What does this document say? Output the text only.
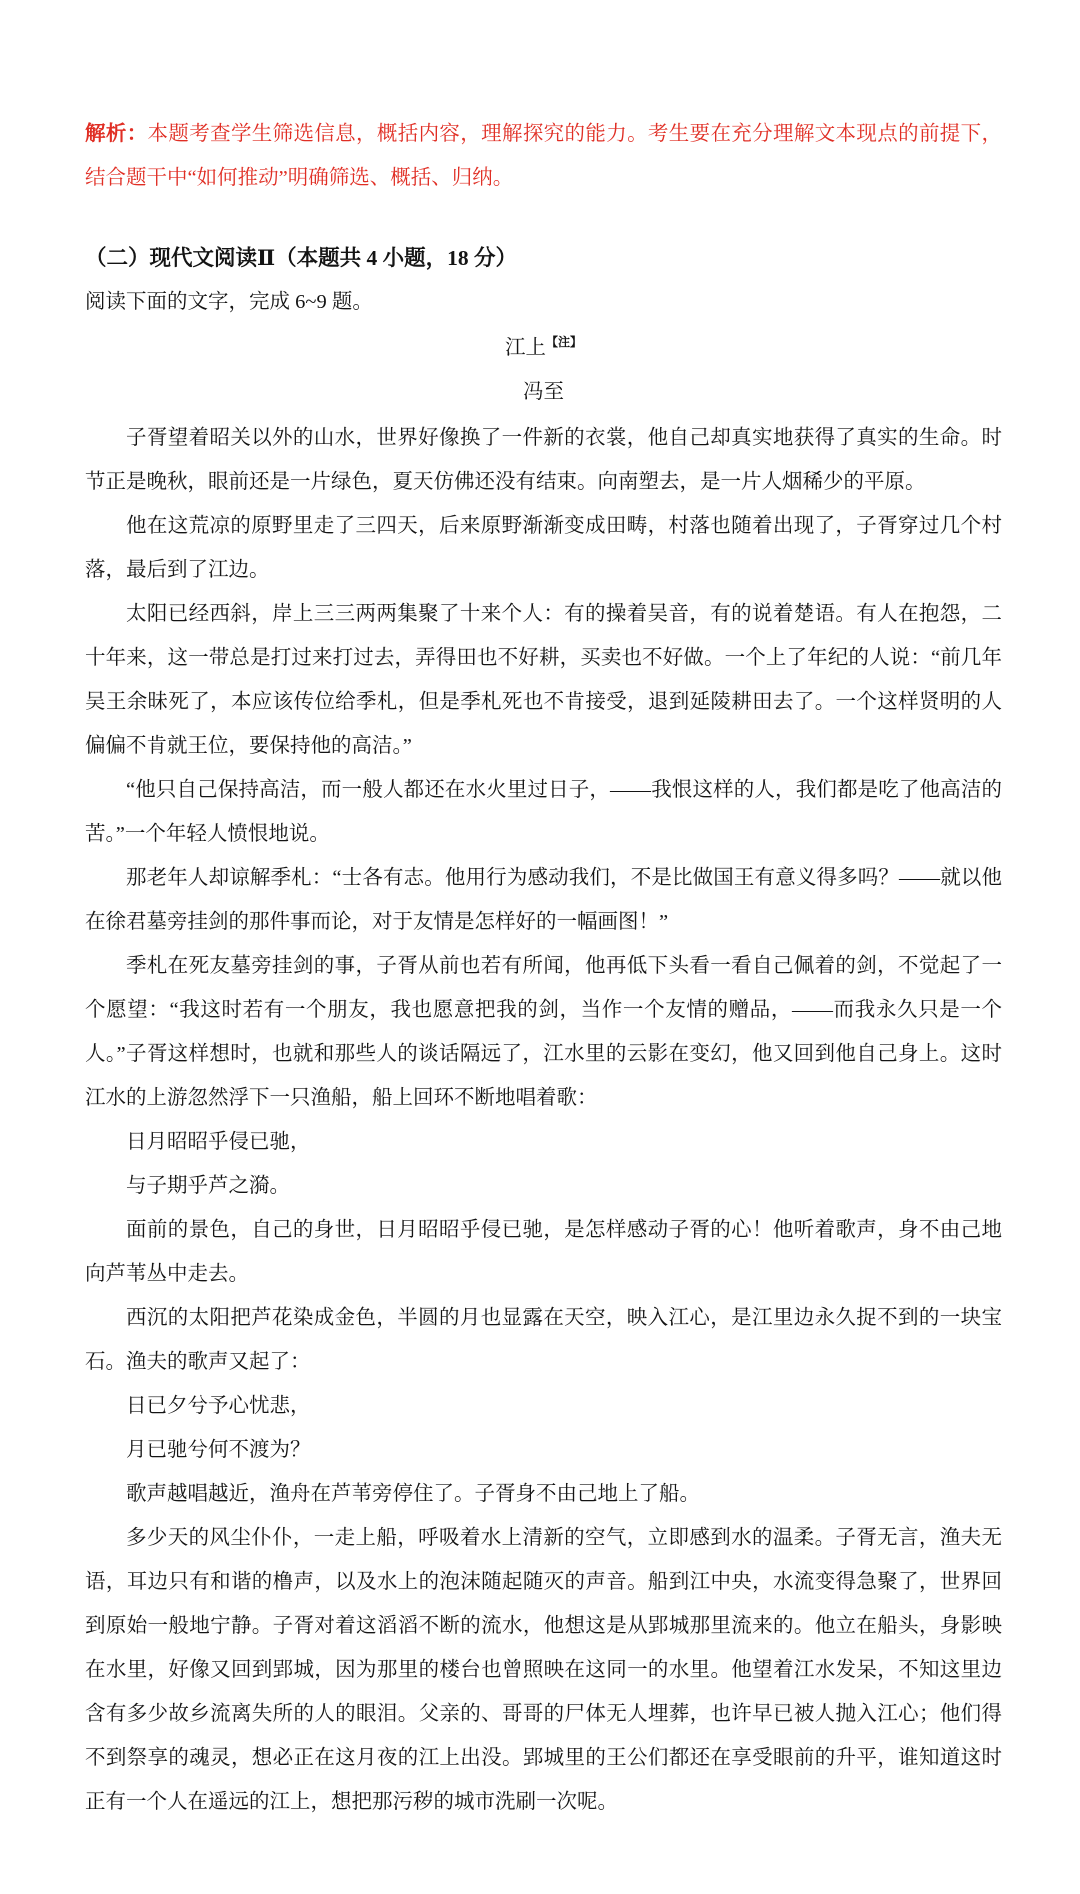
解析：本题考查学生筛选信息，概括内容，理解探究的能力。考生要在充分理解文本现点的前提下，结合题干中“如何推动”明确筛选、概括、归纳。

（二）现代文阅读Ⅱ（本题共 4 小题，18 分）

阅读下面的文字，完成 6~9 题。

江上$^{【注】}$

冯至

子胥望着昭关以外的山水，世界好像换了一件新的衣裳，他自己却真实地获得了真实的生命。时节正是晚秋，眼前还是一片绿色，夏天仿佛还没有结束。向南塑去，是一片人烟稀少的平原。

他在这荒凉的原野里走了三四天，后来原野渐渐变成田畴，村落也随着出现了，子胥穿过几个村落，最后到了江边。

太阳已经西斜，岸上三三两两集聚了十来个人：有的操着吴音，有的说着楚语。有人在抱怨，二十年来，这一带总是打过来打过去，弄得田也不好耕，买卖也不好做。一个上了年纪的人说：“前几年吴王余昧死了，本应该传位给季札，但是季札死也不肯接受，退到延陵耕田去了。一个这样贤明的人偏偏不肯就王位，要保持他的高洁。”

“他只自己保持高洁，而一般人都还在水火里过日子，——我恨这样的人，我们都是吃了他高洁的苦。”一个年轻人愤恨地说。

那老年人却谅解季札：“士各有志。他用行为感动我们，不是比做国王有意义得多吗？——就以他在徐君墓旁挂剑的那件事而论，对于友情是怎样好的一幅画图！”

季札在死友墓旁挂剑的事，子胥从前也若有所闻，他再低下头看一看自己佩着的剑，不觉起了一个愿望：“我这时若有一个朋友，我也愿意把我的剑，当作一个友情的赠品，——而我永久只是一个人。”子胥这样想时，也就和那些人的谈话隔远了，江水里的云影在变幻，他又回到他自己身上。这时江水的上游忽然浮下一只渔船，船上回环不断地唱着歌：

日月昭昭乎侵已驰，

与子期乎芦之漪。

面前的景色，自己的身世，日月昭昭乎侵已驰，是怎样感动子胥的心！他听着歌声，身不由己地向芦苇丛中走去。

西沉的太阳把芦花染成金色，半圆的月也显露在天空，映入江心，是江里边永久捉不到的一块宝石。渔夫的歌声又起了：

日已夕兮予心忧悲，

月已驰兮何不渡为？

歌声越唱越近，渔舟在芦苇旁停住了。子胥身不由己地上了船。

多少天的风尘仆仆，一走上船，呼吸着水上清新的空气，立即感到水的温柔。子胥无言，渔夫无语，耳边只有和谐的橹声，以及水上的泡沫随起随灭的声音。船到江中央，水流变得急聚了，世界回到原始一般地宁静。子胥对着这滔滔不断的流水，他想这是从郢城那里流来的。他立在船头，身影映在水里，好像又回到郢城，因为那里的楼台也曾照映在这同一的水里。他望着江水发呆，不知这里边含有多少故乡流离失所的人的眼泪。父亲的、哥哥的尸体无人埋葬，也许早已被人抛入江心；他们得不到祭享的魂灵，想必正在这月夜的江上出没。郢城里的王公们都还在享受眼前的升平，谁知道这时正有一个人在遥远的江上，想把那污秽的城市洗刷一次呢。
